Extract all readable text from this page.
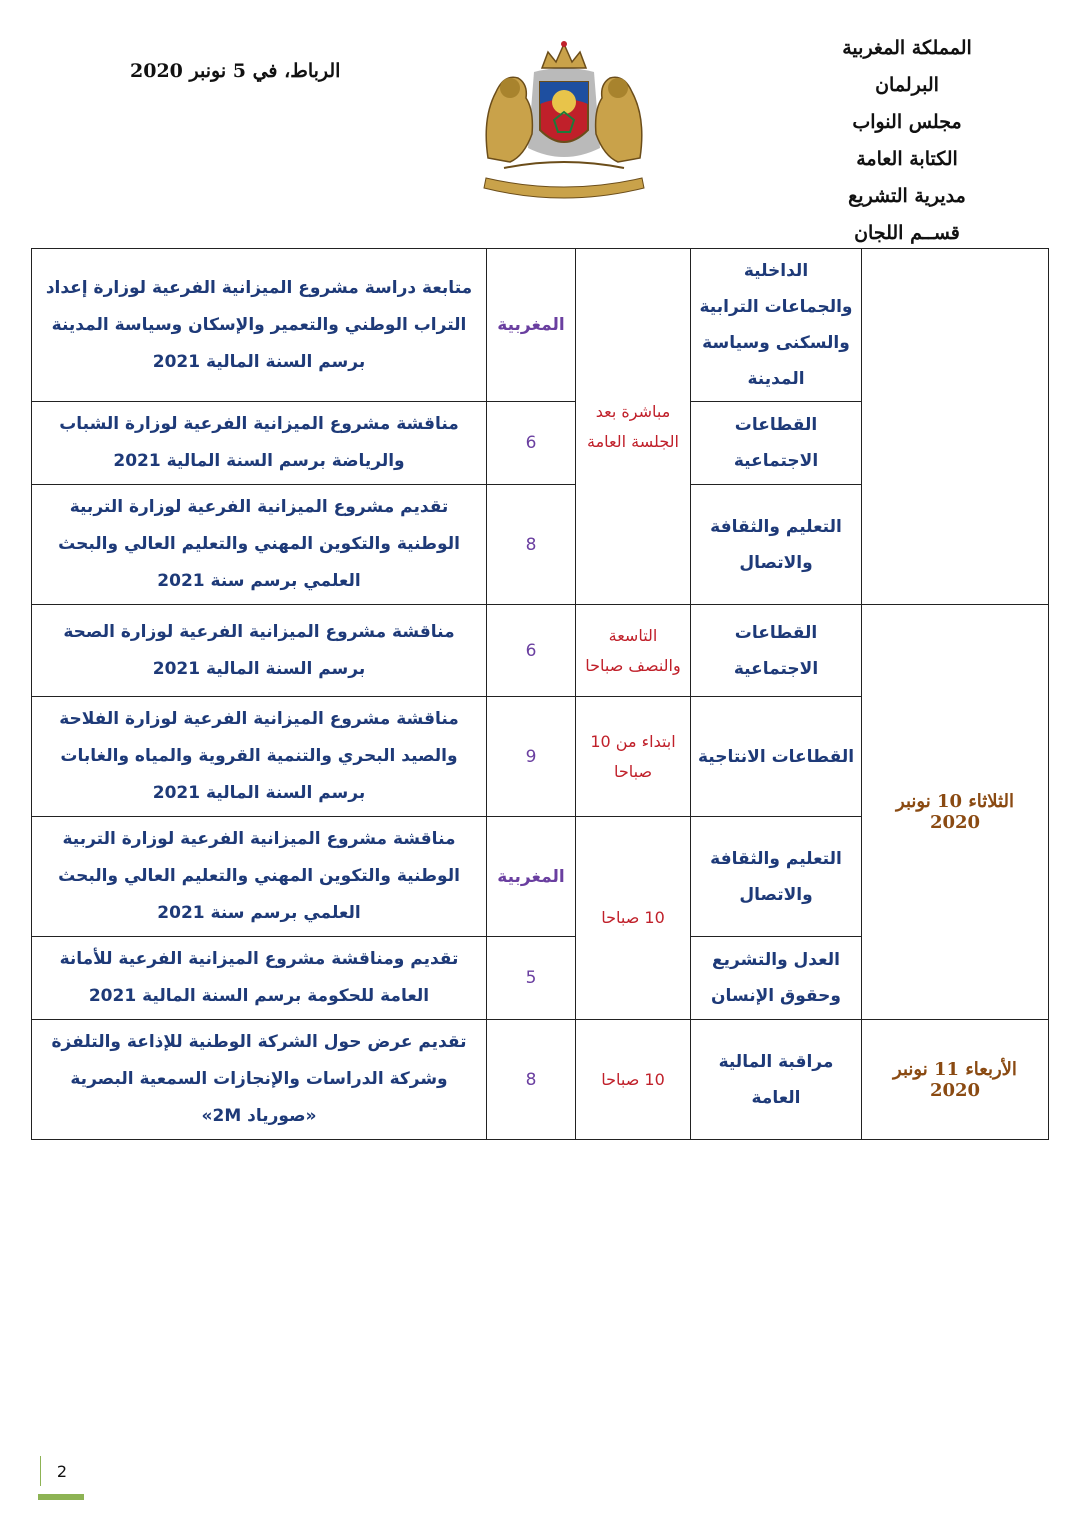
المملكة المغربية
البرلمان
مجلس النواب
الكتابة العامة
مديرية التشريع
قســم اللجان
الرباط، في 5 نونبر 2020
	الداخلية والجماعات الترابية والسكنى وسياسة المدينة	مباشرة بعد الجلسة العامة	المغربية	متابعة دراسة مشروع الميزانية الفرعية لوزارة إعداد التراب الوطني والتعمير والإسكان وسياسة المدينة برسم السنة المالية 2021
	القطاعات الاجتماعية		6	مناقشة مشروع الميزانية الفرعية لوزارة الشباب والرياضة برسم السنة المالية 2021
	التعليم والثقافة والاتصال		8	تقديم مشروع الميزانية الفرعية لوزارة التربية الوطنية والتكوين المهني والتعليم العالي والبحث العلمي برسم سنة 2021
الثلاثاء 10 نونبر 2020	القطاعات الاجتماعية	التاسعة والنصف صباحا	6	مناقشة مشروع الميزانية الفرعية لوزارة الصحة برسم السنة المالية 2021
	القطاعات الانتاجية	ابتداء من 10 صباحا	9	مناقشة مشروع الميزانية الفرعية لوزارة الفلاحة والصيد البحري والتنمية القروية والمياه والغابات برسم السنة المالية 2021
	التعليم والثقافة والاتصال	10 صباحا	المغربية	مناقشة مشروع الميزانية الفرعية لوزارة التربية الوطنية والتكوين المهني والتعليم العالي والبحث العلمي برسم سنة 2021
	العدل والتشريع وحقوق الإنسان		5	تقديم ومناقشة مشروع الميزانية الفرعية للأمانة العامة للحكومة برسم السنة المالية 2021
الأربعاء 11 نونبر 2020	مراقبة المالية العامة	10 صباحا	8	تقديم عرض حول الشركة الوطنية للإذاعة والتلفزة وشركة الدراسات والإنجازات السمعية البصرية «صورياد 2M»
2
